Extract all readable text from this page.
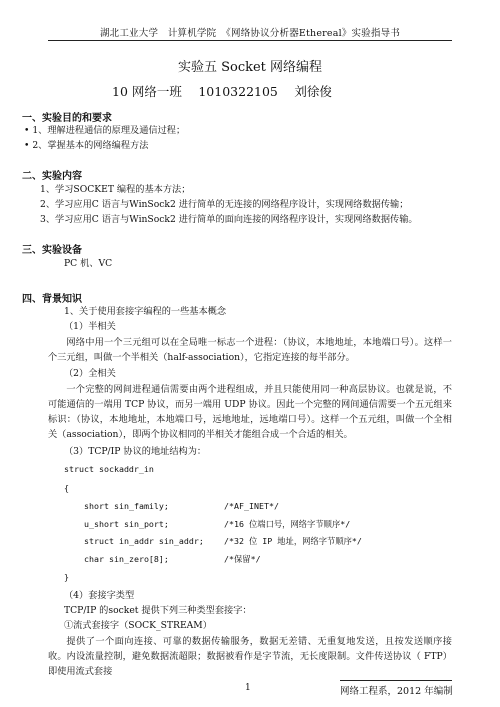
湖北工业大学　计算机学院　《网络协议分析器Ethereal》实验指导书
实验五 Socket 网络编程
10 网络一班　 1010322105　 刘徐俊
一、实验目的和要求
• 1、理解进程通信的原理及通信过程；
• 2、掌握基本的网络编程方法
二、实验内容
1、学习SOCKET 编程的基本方法；
2、学习应用C 语言与WinSock2 进行简单的无连接的网络程序设计，实现网络数据传输；
3、学习应用C 语言与WinSock2 进行简单的面向连接的网络程序设计，实现网络数据传输。
三、实验设备
PC 机、VC
四、背景知识
1、关于使用套接字编程的一些基本概念
（1）半相关
网络中用一个三元组可以在全局唯一标志一个进程：（协议，本地地址，本地端口号）。这样一个三元组，叫做一个半相关（half-association），它指定连接的每半部分。
（2）全相关
一个完整的网间进程通信需要由两个进程组成，并且只能使用同一种高层协议。也就是说，不可能通信的一端用 TCP 协议，而另一端用 UDP 协议。因此一个完整的网间通信需要一个五元组来标识：（协议，本地地址，本地端口号，远地地址，远地端口号）。这样一个五元组，叫做一个全相关（association），即两个协议相同的半相关才能组合成一个合适的相关。
（3）TCP/IP 协议的地址结构为：
struct sockaddr_in
{
short sin_family;	/*AF_INET*/
u_short sin_port;	/*16 位端口号，网络字节顺序*/
struct in_addr sin_addr; /*32 位 IP 地址，网络字节顺序*/
char sin_zero[8];	/*保留*/
}
（4）套接字类型
TCP/IP 的socket 提供下列三种类型套接字：
①流式套接字（SOCK_STREAM）
提供了一个面向连接、可靠的数据传输服务，数据无差错、无重复地发送，且按发送顺序接收。内设流量控制，避免数据流超限；数据被看作是字节流，无长度限制。文件传送协议（ FTP）即使用流式套接
1	网络工程系，2012 年编制
